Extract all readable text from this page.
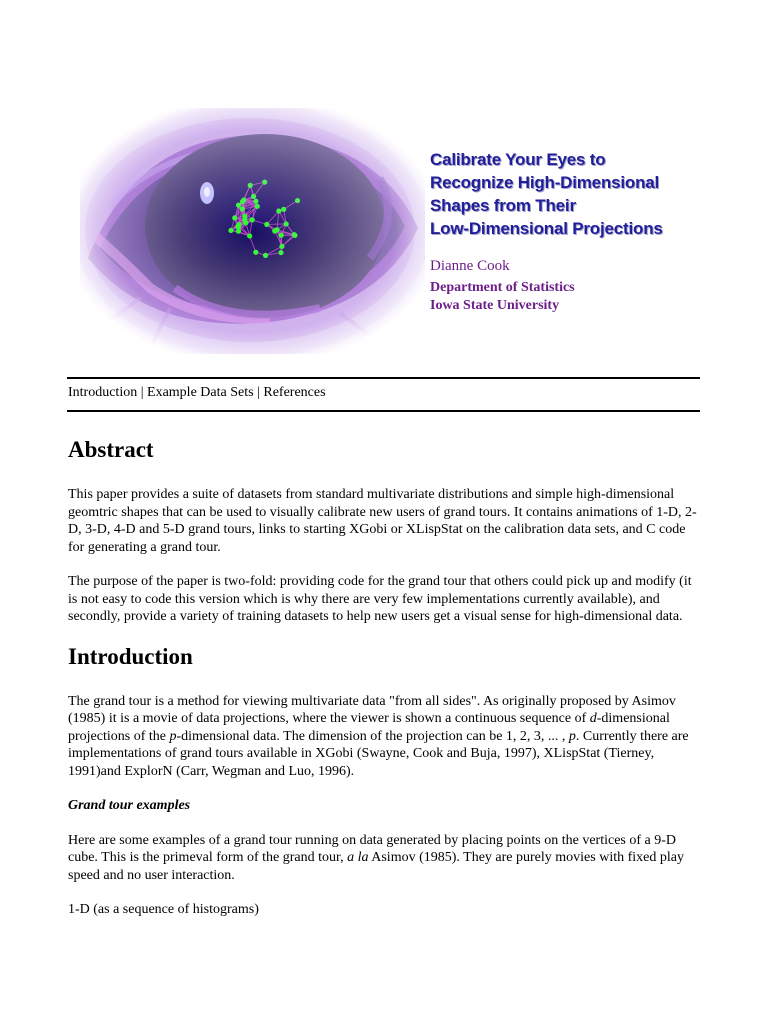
Calibrate Your Eyes to
Recognize High-Dimensional
Shapes from Their
Low-Dimensional Projections
Dianne Cook
Department of Statistics
Iowa State University
Introduction | Example Data Sets | References
Abstract

This paper provides a suite of datasets from standard multivariate distributions and simple high-dimensional geomtric shapes that can be used to visually calibrate new users of grand tours. It contains animations of 1-D, 2-D, 3-D, 4-D and 5-D grand tours, links to starting XGobi or XLispStat on the calibration data sets, and C code for generating a grand tour.

The purpose of the paper is two-fold: providing code for the grand tour that others could pick up and modify (it is not easy to code this version which is why there are very few implementations currently available), and secondly, provide a variety of training datasets to help new users get a visual sense for high-dimensional data.

Introduction

The grand tour is a method for viewing multivariate data "from all sides". As originally proposed by Asimov (1985) it is a movie of data projections, where the viewer is shown a continuous sequence of d-dimensional projections of the p-dimensional data. The dimension of the projection can be 1, 2, 3, ... , p. Currently there are implementations of grand tours available in XGobi (Swayne, Cook and Buja, 1997), XLispStat (Tierney, 1991)and ExplorN (Carr, Wegman and Luo, 1996).

Grand tour examples

Here are some examples of a grand tour running on data generated by placing points on the vertices of a 9-D cube. This is the primeval form of the grand tour, a la Asimov (1985). They are purely movies with fixed play speed and no user interaction.

1-D (as a sequence of histograms)
